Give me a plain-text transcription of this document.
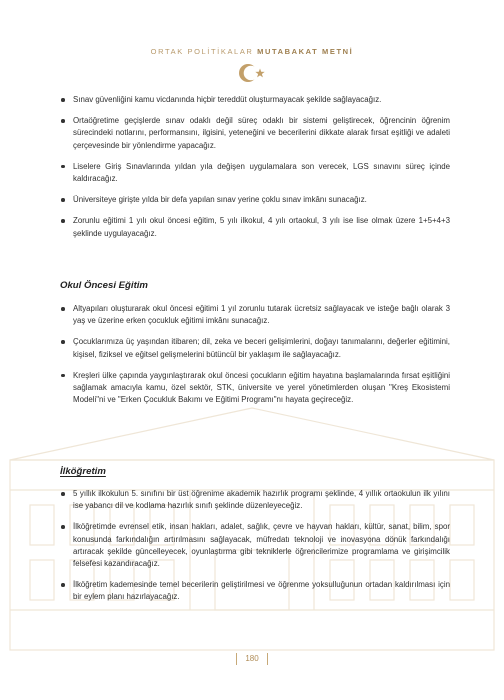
ORTAK POLİTİKALAR MUTABAKAT METNİ
Sınav güvenliğini kamu vicdanında hiçbir tereddüt oluşturmayacak şekilde sağlayacağız.
Ortaöğretime geçişlerde sınav odaklı değil süreç odaklı bir sistemi geliştirecek, öğrencinin öğrenim sürecindeki notlarını, performansını, ilgisini, yeteneğini ve becerilerini dikkate alarak fırsat eşitliği ve adaleti çerçevesinde bir yönlendirme yapacağız.
Liselere Giriş Sınavlarında yıldan yıla değişen uygulamalara son verecek, LGS sınavını süreç içinde kaldıracağız.
Üniversiteye girişte yılda bir defa yapılan sınav yerine çoklu sınav imkânı sunacağız.
Zorunlu eğitimi 1 yılı okul öncesi eğitim, 5 yılı ilkokul, 4 yılı ortaokul, 3 yılı ise lise olmak üzere 1+5+4+3 şeklinde uygulayacağız.
Okul Öncesi Eğitim
Altyapıları oluşturarak okul öncesi eğitimi 1 yıl zorunlu tutarak ücretsiz sağlayacak ve isteğe bağlı olarak 3 yaş ve üzerine erken çocukluk eğitimi imkânı sunacağız.
Çocuklarımıza üç yaşından itibaren; dil, zeka ve beceri gelişimlerini, doğayı tanımalarını, değerler eğitimini, kişisel, fiziksel ve eğitsel gelişmelerini bütüncül bir yaklaşım ile sağlayacağız.
Kreşleri ülke çapında yaygınlaştırarak okul öncesi çocukların eğitim hayatına başlamalarında fırsat eşitliğini sağlamak amacıyla kamu, özel sektör, STK, üniversite ve yerel yönetimlerden oluşan "Kreş Ekosistemi Modeli"ni ve "Erken Çocukluk Bakımı ve Eğitimi Programı"nı hayata geçireceğiz.
İlköğretim
5 yıllık ilkokulun 5. sınıfını bir üst öğrenime akademik hazırlık programı şeklinde, 4 yıllık ortaokulun ilk yılını ise yabancı dil ve kodlama hazırlık sınıfı şeklinde düzenleyeceğiz.
İlköğretimde evrensel etik, insan hakları, adalet, sağlık, çevre ve hayvan hakları, kültür, sanat, bilim, spor konusunda farkındalığın artırılmasını sağlayacak, müfredatı teknoloji ve inovasyona dönük farkındalığı artıracak şekilde güncelleyecek, oyunlaştırma gibi tekniklerle öğrencilerimize programlama ve girişimcilik felsefesi kazandıracağız.
İlköğretim kademesinde temel becerilerin geliştirilmesi ve öğrenme yoksulluğunun ortadan kaldırılması için bir eylem planı hazırlayacağız.
180
